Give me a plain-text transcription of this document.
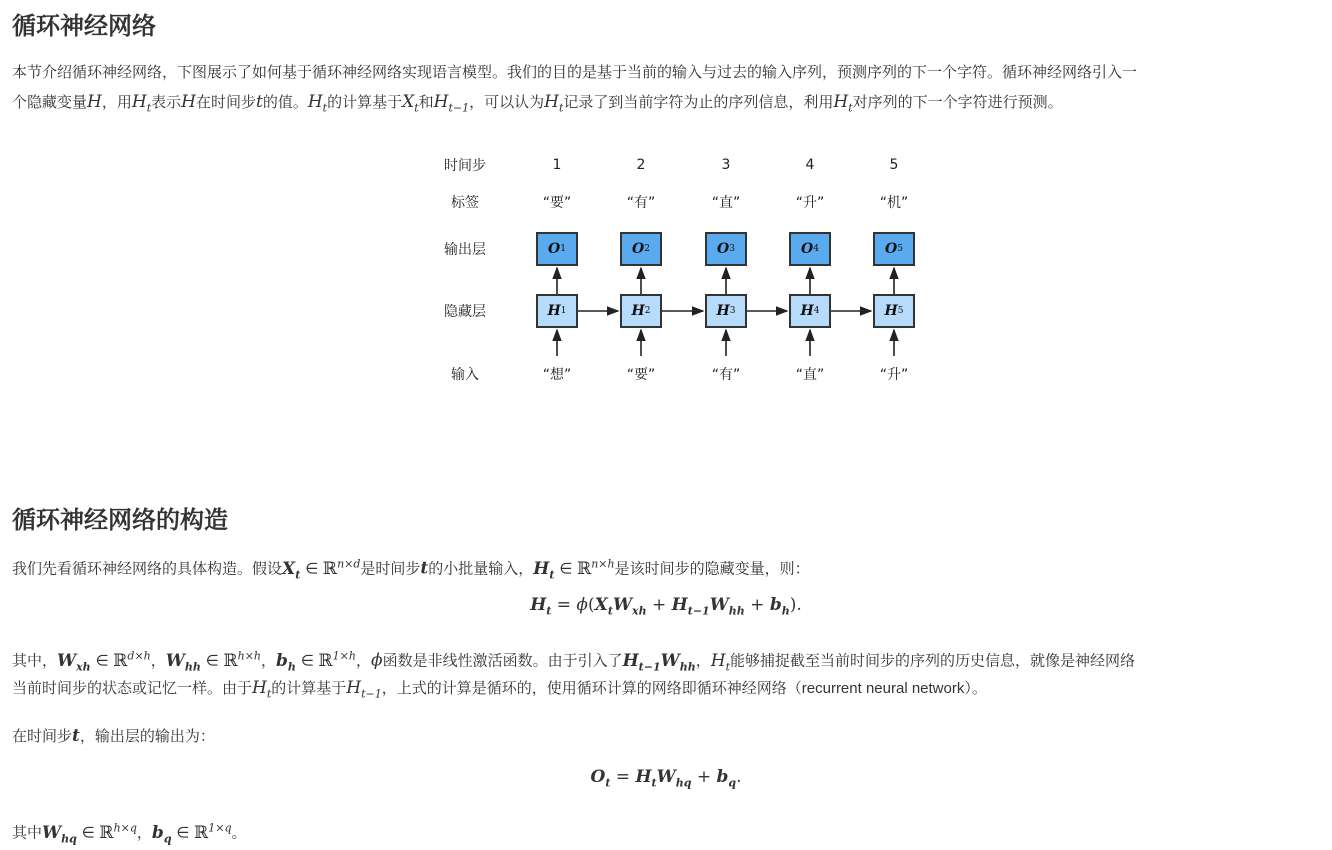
循环神经网络
本节介绍循环神经网络，下图展示了如何基于循环神经网络实现语言模型。我们的目的是基于当前的输入与过去的输入序列，预测序列的下一个字符。循环神经网络引入一
个隐藏变量H，用$H_t$表示H在时间步t的值。$H_t$的计算基于$X_t$和$H_{t-1}$，可以认为$H_t$记录了到当前字符为止的序列信息，利用$H_t$对序列的下一个字符进行预测。
时间步
标签
输出层
隐藏层
输入
1
“要”
“想”
O 1
H 1
2
“有”
“要”
O 2
H 2
3
“直”
“有”
O 3
H 3
4
“升”
“直”
O 4
H 4
5
“机”
“升”
O 5
H 5
循环神经网络的构造
我们先看循环神经网络的具体构造。假设$X_t$ ∈ ℝ$^{n\times d}$是时间步t的小批量输入，$H_t$ ∈ ℝ$^{n\times h}$是该时间步的隐藏变量，则：
$H_t = \phi(X_tW_{xh} + H_{t-1}W_{hh} + b_h)$.
其中，$W_{xh}$ ∈ ℝ$^{d\times h}$，$W_{hh}$ ∈ ℝ$^{h\times h}$，$b_h$ ∈ ℝ$^{1\times h}$，ϕ函数是非线性激活函数。由于引入了$H_{t-1}W_{hh}$，$H_t$能够捕捉截至当前时间步的序列的历史信息，就像是神经网络
当前时间步的状态或记忆一样。由于$H_t$的计算基于$H_{t-1}$，上式的计算是循环的，使用循环计算的网络即循环神经网络（recurrent neural network）。
在时间步t，输出层的输出为：
$O_t = H_tW_{hq} + b_q$.
其中$W_{hq}$ ∈ ℝ$^{h\times q}$，$b_q$ ∈ ℝ$^{1\times q}$。
